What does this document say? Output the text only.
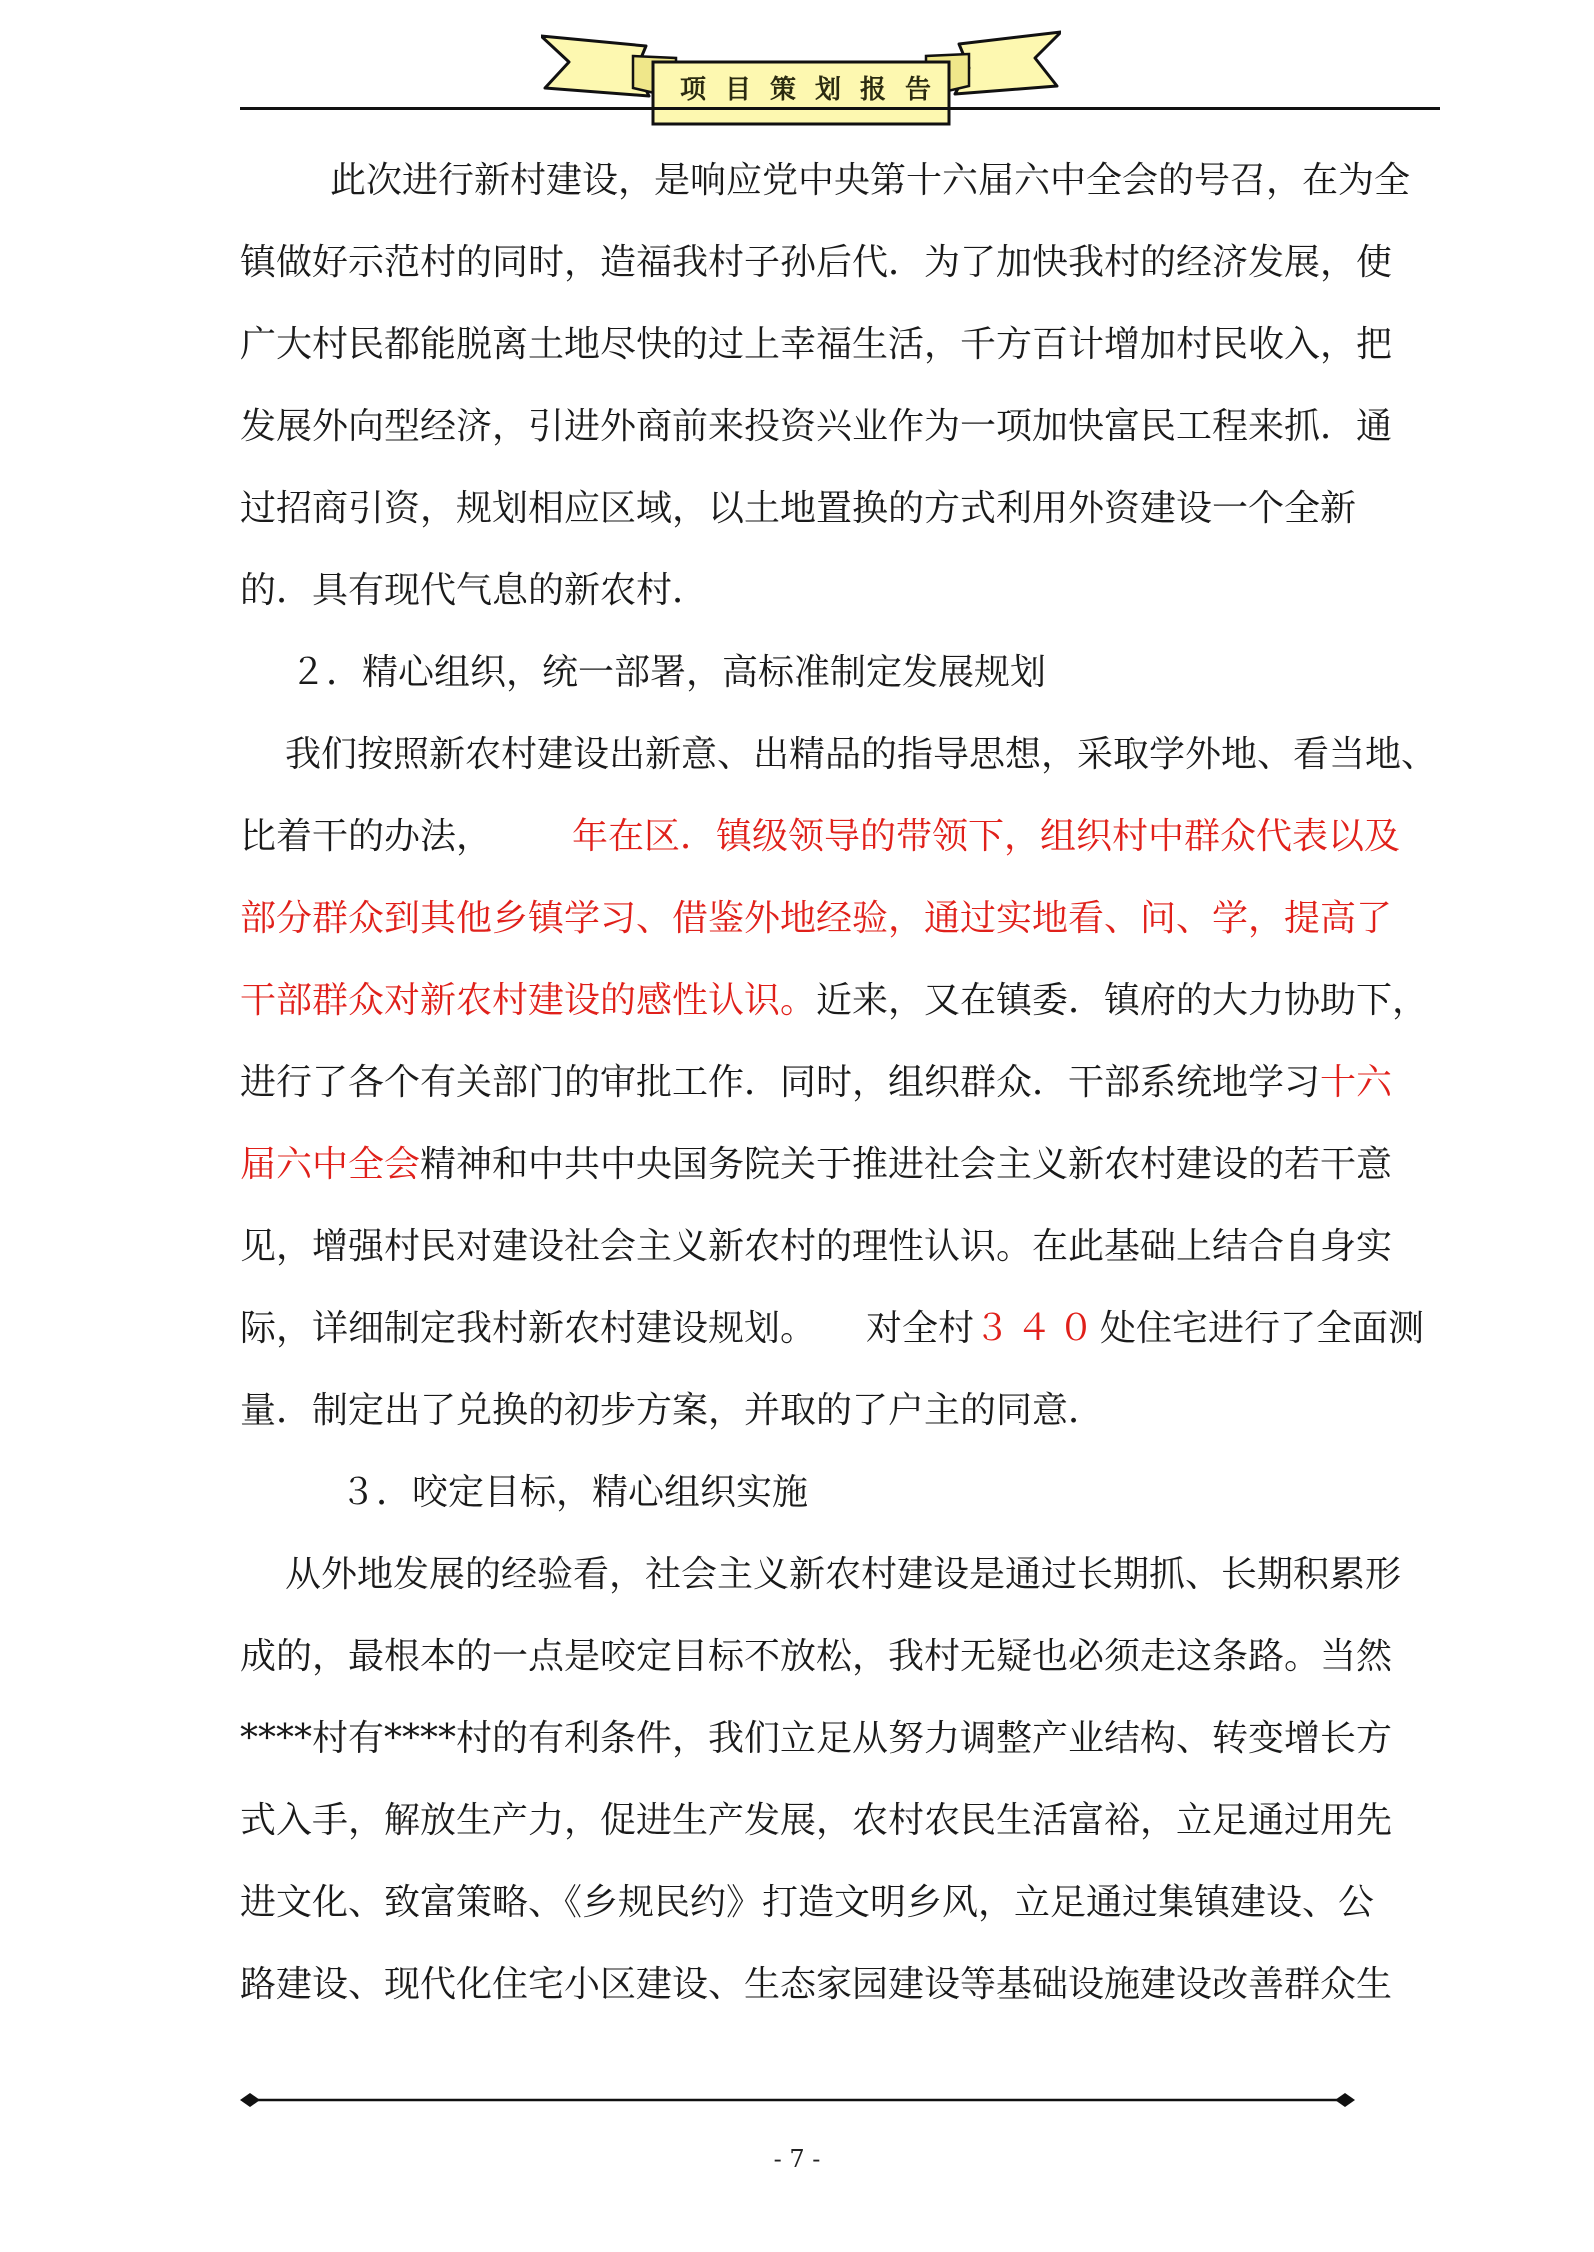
项目策划报告
此次进行新村建设，是响应党中央第十六届六中全会的号召，在为全
镇做好示范村的同时，造福我村子孙后代．为了加快我村的经济发展，使
广大村民都能脱离土地尽快的过上幸福生活，千方百计增加村民收入，把
发展外向型经济，引进外商前来投资兴业作为一项加快富民工程来抓．通
过招商引资，规划相应区域，以土地置换的方式利用外资建设一个全新
的．具有现代气息的新农村．
２．精心组织，统一部署，高标准制定发展规划
我们按照新农村建设出新意、出精品的指导思想，采取学外地、看当地、
比着干的办法， 年在区．镇级领导的带领下，组织村中群众代表以及
部分群众到其他乡镇学习、借鉴外地经验，通过实地看、问、学，提高了
干部群众对新农村建设的感性认识。近来，又在镇委．镇府的大力协助下，
进行了各个有关部门的审批工作．同时，组织群众．干部系统地学习十六
届六中全会精神和中共中央国务院关于推进社会主义新农村建设的若干意
见，增强村民对建设社会主义新农村的理性认识。在此基础上结合自身实
际，详细制定我村新农村建设规划。 对全村３４０处住宅进行了全面测
量．制定出了兑换的初步方案，并取的了户主的同意．
３．咬定目标，精心组织实施
从外地发展的经验看，社会主义新农村建设是通过长期抓、长期积累形
成的，最根本的一点是咬定目标不放松，我村无疑也必须走这条路。当然
****村有****村的有利条件，我们立足从努力调整产业结构、转变增长方
式入手，解放生产力，促进生产发展，农村农民生活富裕，立足通过用先
进文化、致富策略、《乡规民约》打造文明乡风，立足通过集镇建设、公
路建设、现代化住宅小区建设、生态家园建设等基础设施建设改善群众生
- 7 -
